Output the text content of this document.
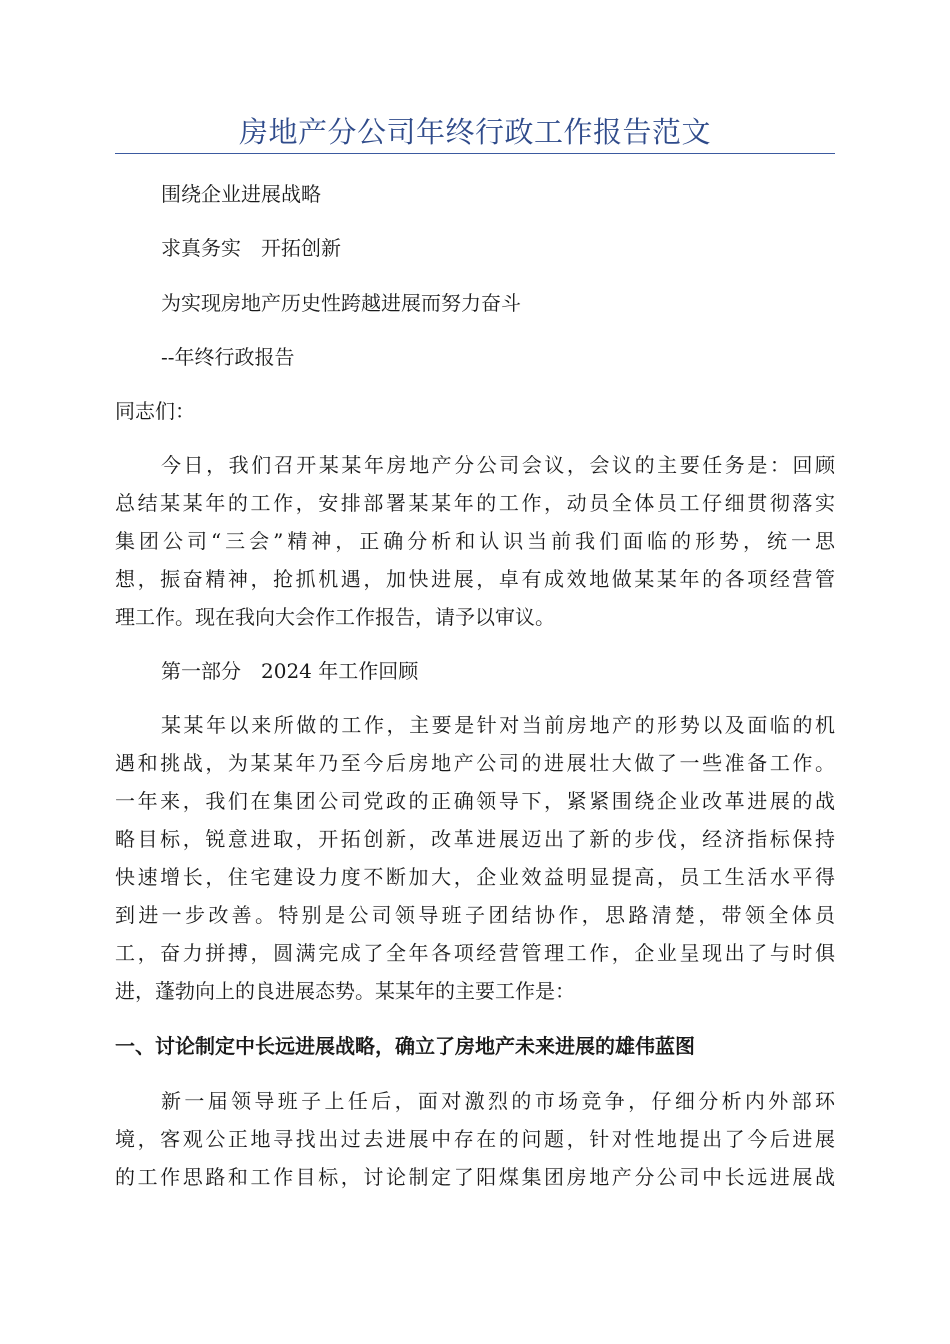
房地产分公司年终行政工作报告范文
围绕企业进展战略
求真务实　开拓创新
为实现房地产历史性跨越进展而努力奋斗
--年终行政报告
同志们：
今日，我们召开某某年房地产分公司会议，会议的主要任务是：回顾
总结某某年的工作，安排部署某某年的工作，动员全体员工仔细贯彻落实
集团公司“三会”精神，正确分析和认识当前我们面临的形势，统一思
想，振奋精神，抢抓机遇，加快进展，卓有成效地做某某年的各项经营管
理工作。现在我向大会作工作报告，请予以审议。
第一部分　2024 年工作回顾
某某年以来所做的工作，主要是针对当前房地产的形势以及面临的机
遇和挑战，为某某年乃至今后房地产公司的进展壮大做了一些准备工作。
一年来，我们在集团公司党政的正确领导下，紧紧围绕企业改革进展的战
略目标，锐意进取，开拓创新，改革进展迈出了新的步伐，经济指标保持
快速增长，住宅建设力度不断加大，企业效益明显提高，员工生活水平得
到进一步改善。特别是公司领导班子团结协作，思路清楚，带领全体员
工，奋力拼搏，圆满完成了全年各项经营管理工作，企业呈现出了与时俱
进，蓬勃向上的良进展态势。某某年的主要工作是：
一、讨论制定中长远进展战略，确立了房地产未来进展的雄伟蓝图
新一届领导班子上任后，面对激烈的市场竞争，仔细分析内外部环
境，客观公正地寻找出过去进展中存在的问题，针对性地提出了今后进展
的工作思路和工作目标，讨论制定了阳煤集团房地产分公司中长远进展战
